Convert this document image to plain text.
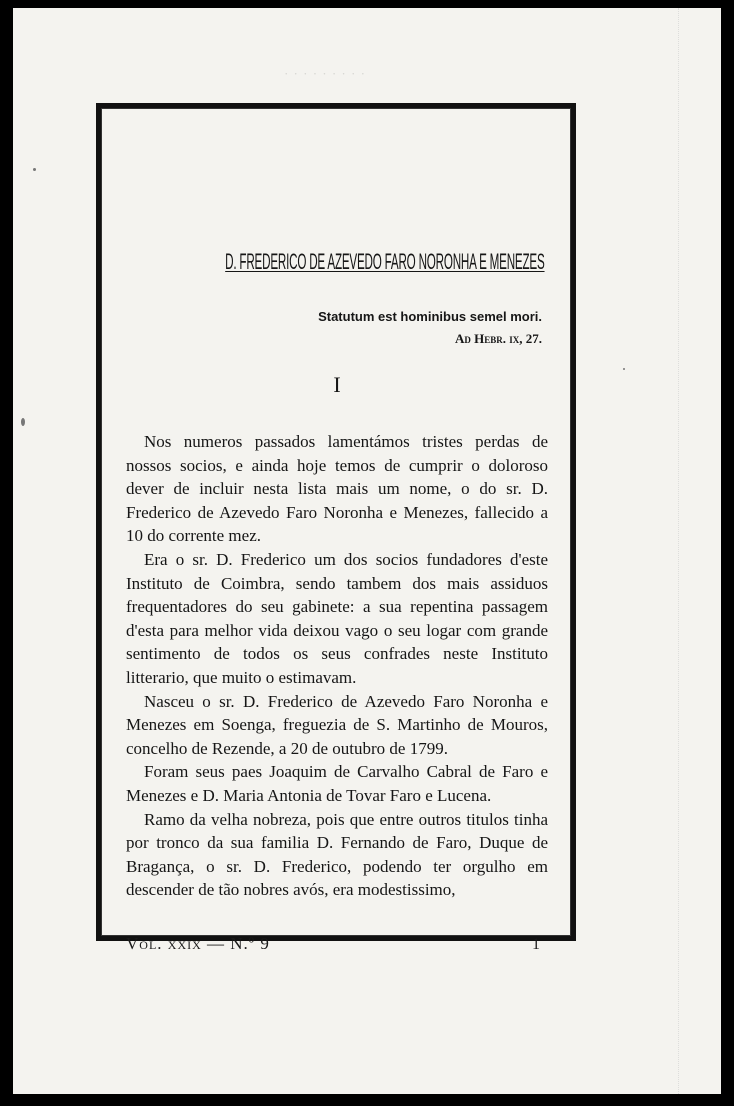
· · · · · · · · ·
D. FREDERICO DE AZEVEDO FARO NORONHA E MENEZES
Statutum est hominibus semel mori.
Ad Hebr. ix, 27.
I

Nos numeros passados lamentámos tristes perdas de nossos socios, e ainda hoje temos de cumprir o doloroso dever de incluir nesta lista mais um nome, o do sr. D. Frederico de Azevedo Faro Noronha e Menezes, fallecido a 10 do corrente mez.

Era o sr. D. Frederico um dos socios fundadores d'este Instituto de Coimbra, sendo tambem dos mais assiduos frequentadores do seu gabinete: a sua repentina passagem d'esta para melhor vida deixou vago o seu logar com grande sentimento de todos os seus confrades neste Instituto litterario, que muito o estimavam.

Nasceu o sr. D. Frederico de Azevedo Faro Noronha e Menezes em Soenga, freguezia de S. Martinho de Mouros, concelho de Rezende, a 20 de outubro de 1799.

Foram seus paes Joaquim de Carvalho Cabral de Faro e Menezes e D. Maria Antonia de Tovar Faro e Lucena.

Ramo da velha nobreza, pois que entre outros titulos tinha por tronco da sua familia D. Fernando de Faro, Duque de Bragança, o sr. D. Frederico, podendo ter orgulho em descender de tão nobres avós, era modestissimo,

Vol. xxix — N.º 9	1
